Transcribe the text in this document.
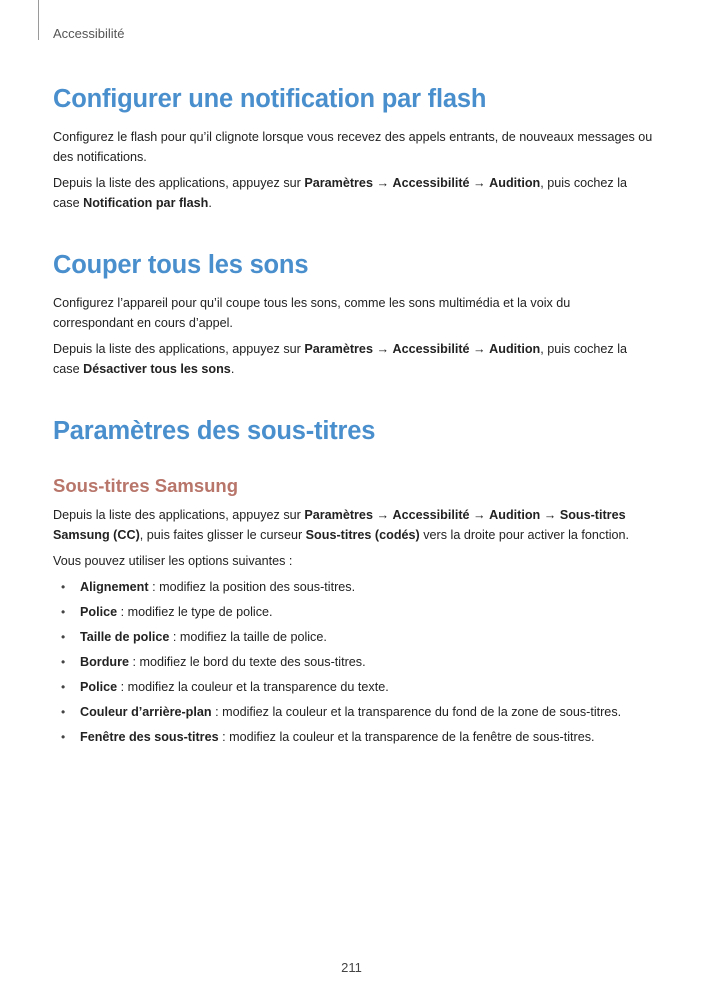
Accessibilité
Configurer une notification par flash

Configurez le flash pour qu’il clignote lorsque vous recevez des appels entrants, de nouveaux messages ou des notifications.

Depuis la liste des applications, appuyez sur Paramètres → Accessibilité → Audition, puis cochez la case Notification par flash.

Couper tous les sons

Configurez l’appareil pour qu’il coupe tous les sons, comme les sons multimédia et la voix du correspondant en cours d’appel.

Depuis la liste des applications, appuyez sur Paramètres → Accessibilité → Audition, puis cochez la case Désactiver tous les sons.

Paramètres des sous-titres
Sous-titres Samsung

Depuis la liste des applications, appuyez sur Paramètres → Accessibilité → Audition → Sous-titres Samsung (CC), puis faites glisser le curseur Sous-titres (codés) vers la droite pour activer la fonction.

Vous pouvez utiliser les options suivantes :

• Alignement : modifiez la position des sous-titres.
• Police : modifiez le type de police.
• Taille de police : modifiez la taille de police.
• Bordure : modifiez le bord du texte des sous-titres.
• Police : modifiez la couleur et la transparence du texte.
• Couleur d’arrière-plan : modifiez la couleur et la transparence du fond de la zone de sous-titres.
• Fenêtre des sous-titres : modifiez la couleur et la transparence de la fenêtre de sous-titres.
211
